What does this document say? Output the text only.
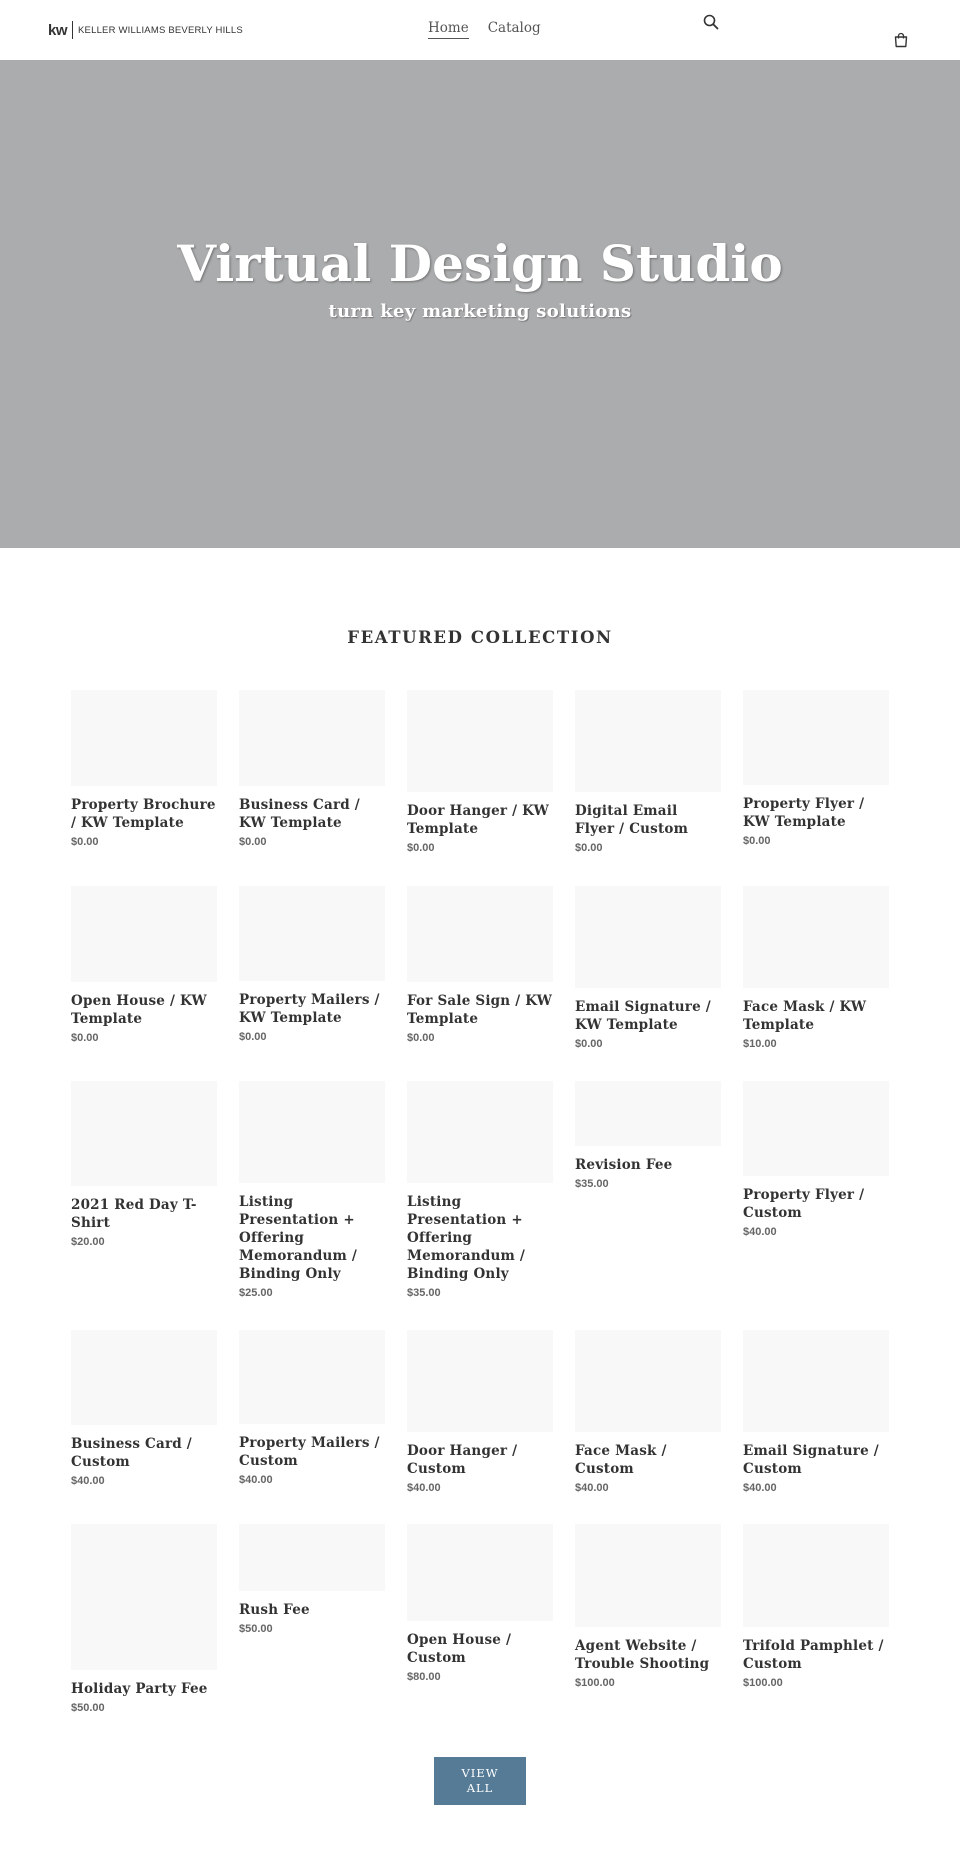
kw KELLER WILLIAMS BEVERLY HILLS	Home Catalog
Virtual Design Studio

turn key marketing solutions

FEATURED COLLECTION
Property Brochure / KW Template
$0.00
Business Card / KW Template
$0.00
Door Hanger / KW Template
$0.00
Digital Email Flyer / Custom
$0.00
Property Flyer / KW Template
$0.00
Open House / KW Template
$0.00
Property Mailers / KW Template
$0.00
For Sale Sign / KW Template
$0.00
Email Signature / KW Template
$0.00
Face Mask / KW Template
$10.00
2021 Red Day T-Shirt
$20.00
Listing Presentation + Offering Memorandum / Binding Only
$25.00
Listing Presentation + Offering Memorandum / Binding Only
$35.00
Revision Fee
$35.00
Property Flyer / Custom
$40.00
Business Card / Custom
$40.00
Property Mailers / Custom
$40.00
Door Hanger / Custom
$40.00
Face Mask / Custom
$40.00
Email Signature / Custom
$40.00
Holiday Party Fee
$50.00
Rush Fee
$50.00
Open House / Custom
$80.00
Agent Website / Trouble Shooting
$100.00
Trifold Pamphlet / Custom
$100.00
VIEW ALL
